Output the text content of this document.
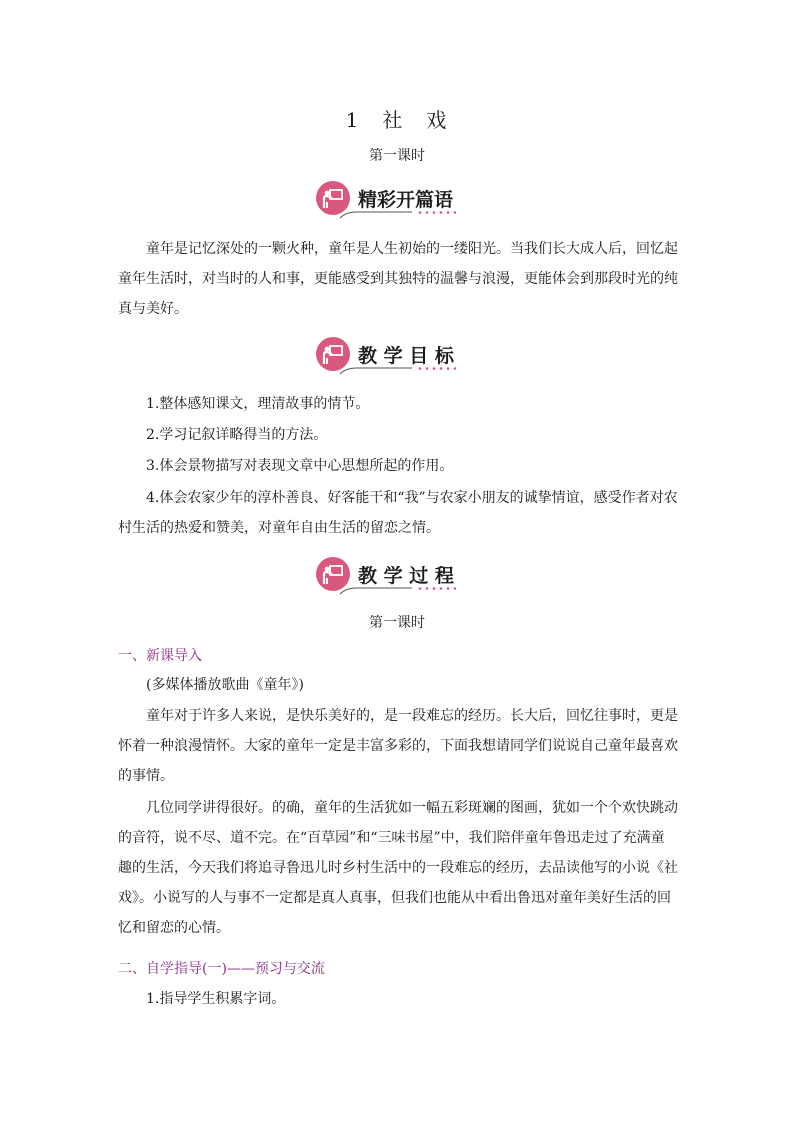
1 社 戏
第一课时
精彩开篇语
童年是记忆深处的一颗火种，童年是人生初始的一缕阳光。当我们长大成人后，回忆起童年生活时，对当时的人和事，更能感受到其独特的温馨与浪漫，更能体会到那段时光的纯真与美好。
教 学 目 标
1.整体感知课文，理清故事的情节。
2.学习记叙详略得当的方法。
3.体会景物描写对表现文章中心思想所起的作用。
4.体会农家少年的淳朴善良、好客能干和“我”与农家小朋友的诚挚情谊，感受作者对农村生活的热爱和赞美，对童年自由生活的留恋之情。
教 学 过 程
第一课时
一、新课导入
(多媒体播放歌曲《童年》)
童年对于许多人来说，是快乐美好的，是一段难忘的经历。长大后，回忆往事时，更是怀着一种浪漫情怀。大家的童年一定是丰富多彩的，下面我想请同学们说说自己童年最喜欢的事情。
几位同学讲得很好。的确，童年的生活犹如一幅五彩斑斓的图画，犹如一个个欢快跳动的音符，说不尽、道不完。在“百草园”和“三味书屋”中，我们陪伴童年鲁迅走过了充满童趣的生活，今天我们将追寻鲁迅儿时乡村生活中的一段难忘的经历，去品读他写的小说《社戏》。小说写的人与事不一定都是真人真事，但我们也能从中看出鲁迅对童年美好生活的回忆和留恋的心情。
二、自学指导(一)——预习与交流
1.指导学生积累字词。
